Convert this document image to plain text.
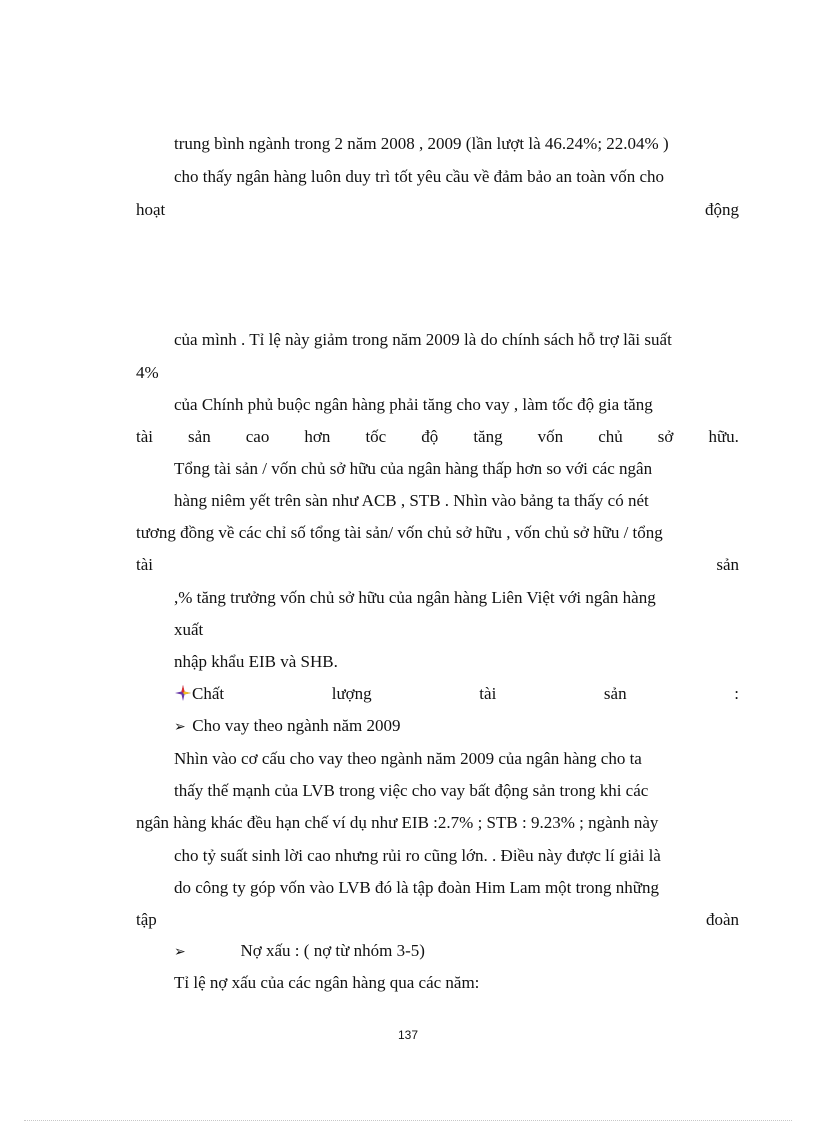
trung bình ngành trong 2 năm 2008 , 2009 (lần lượt là 46.24%; 22.04% )
cho thấy ngân hàng luôn duy trì tốt yêu cầu về đảm bảo an toàn vốn cho
hoạt	động
của mình . Tỉ lệ này giảm trong năm 2009 là do chính sách hỗ trợ lãi suất
4%
của Chính phủ buộc ngân hàng phải tăng cho vay , làm tốc độ gia tăng
tài sản cao hơn tốc độ tăng vốn chủ sở hữu.
Tổng tài sản / vốn chủ sở hữu của ngân hàng thấp hơn so với các ngân
hàng niêm yết trên sàn như ACB , STB . Nhìn vào bảng ta thấy có nét
tương đồng về các chỉ số tổng tài sản/ vốn chủ sở hữu , vốn chủ sở hữu / tổng
tài	sản
,% tăng trưởng vốn chủ sở hữu của ngân hàng Liên Việt với ngân hàng
xuất
nhập khẩu EIB và SHB.
Chất	lượng	tài	sản	:
➢ Cho vay theo ngành năm 2009
Nhìn vào cơ cấu cho vay theo ngành năm 2009 của ngân hàng cho ta
thấy thế mạnh của LVB trong việc cho vay bất động sản trong khi các
ngân hàng khác đều hạn chế ví dụ như EIB :2.7% ; STB : 9.23% ; ngành này
cho tỷ suất sinh lời cao nhưng rủi ro cũng lớn. . Điều này được lí giải là
do công ty góp vốn vào LVB đó là tập đoàn Him Lam một trong những
tập	đoàn
➢	Nợ xấu : ( nợ từ nhóm 3-5)
Tỉ lệ nợ xấu của các ngân hàng qua các năm:
137
